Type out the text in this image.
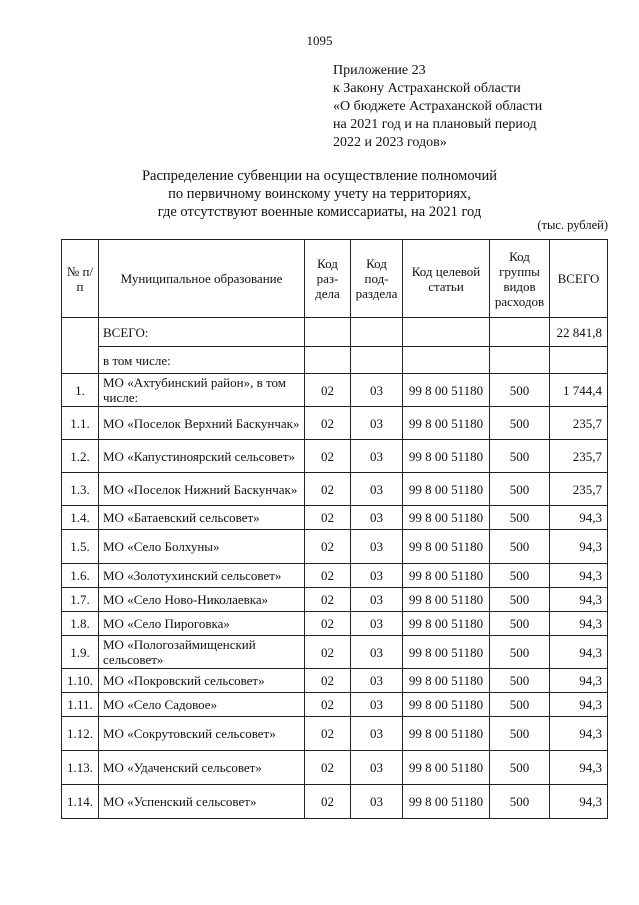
1095
Приложение 23
к Закону Астраханской области
«О бюджете Астраханской области
на 2021 год и на плановый период
2022 и 2023 годов»
Распределение субвенции на осуществление полномочий
по первичному воинскому учету на территориях,
где отсутствуют военные комиссариаты, на 2021 год
(тыс. рублей)
№ п/п	Муниципальное образование	Код раз-дела	Код под-раздела	Код целевой статьи	Код группы видов расходов	ВСЕГО
	ВСЕГО:					22 841,8
	в том числе:					
1.	МО «Ахтубинский район», в том числе:	02	03	99 8 00 51180	500	1 744,4
1.1.	МО «Поселок Верхний Баскунчак»	02	03	99 8 00 51180	500	235,7
1.2.	МО «Капустиноярский сельсовет»	02	03	99 8 00 51180	500	235,7
1.3.	МО «Поселок Нижний Баскунчак»	02	03	99 8 00 51180	500	235,7
1.4.	МО «Батаевский сельсовет»	02	03	99 8 00 51180	500	94,3
1.5.	МО «Село Болхуны»	02	03	99 8 00 51180	500	94,3
1.6.	МО «Золотухинский сельсовет»	02	03	99 8 00 51180	500	94,3
1.7.	МО «Село Ново-Николаевка»	02	03	99 8 00 51180	500	94,3
1.8.	МО «Село Пироговка»	02	03	99 8 00 51180	500	94,3
1.9.	МО «Пологозаймищенский сельсовет»	02	03	99 8 00 51180	500	94,3
1.10.	МО «Покровский сельсовет»	02	03	99 8 00 51180	500	94,3
1.11.	МО «Село Садовое»	02	03	99 8 00 51180	500	94,3
1.12.	МО «Сокрутовский сельсовет»	02	03	99 8 00 51180	500	94,3
1.13.	МО «Удаченский сельсовет»	02	03	99 8 00 51180	500	94,3
1.14.	МО «Успенский сельсовет»	02	03	99 8 00 51180	500	94,3
